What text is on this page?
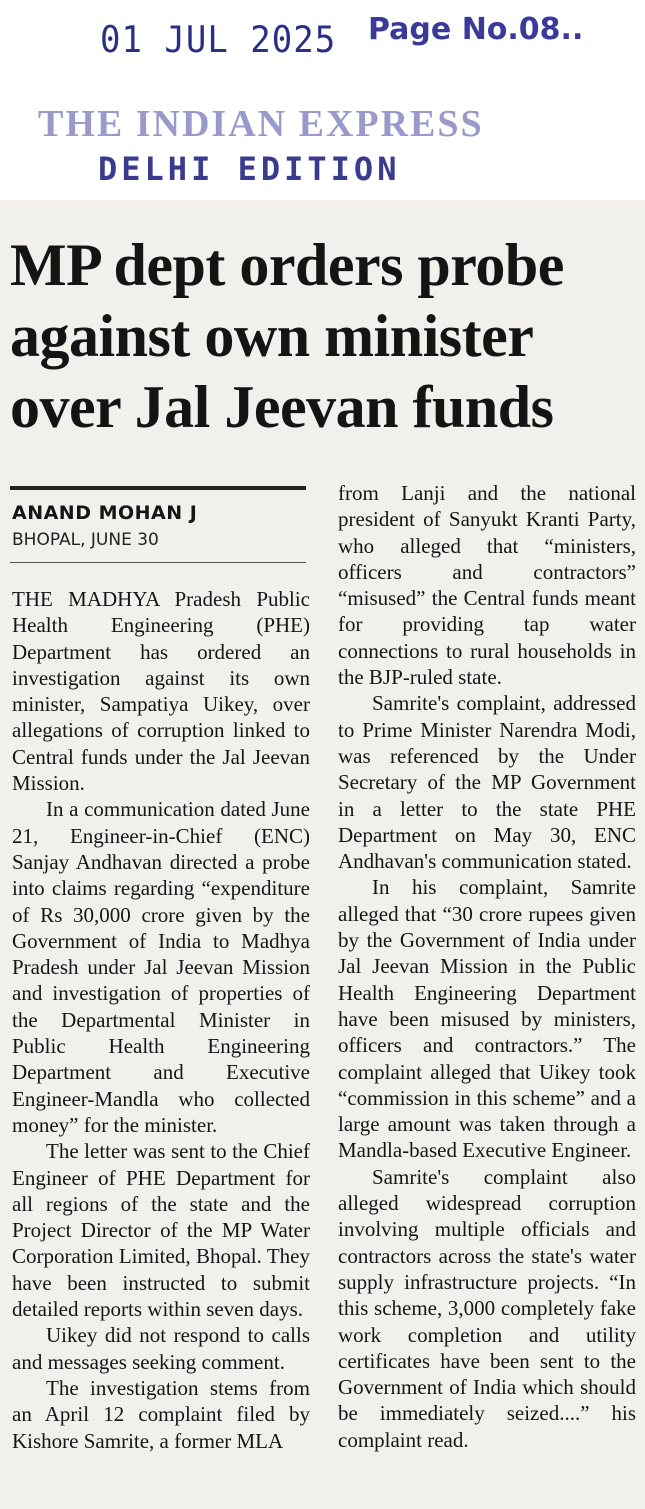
01 JUL 2025 Page No.08..
THE INDIAN EXPRESS
DELHI EDITION
MP dept orders probe against own minister over Jal Jeevan funds
ANAND MOHAN J
BHOPAL, JUNE 30

THE MADHYA Pradesh Public Health Engineering (PHE) Department has ordered an investigation against its own minister, Sampatiya Uikey, over allegations of corruption linked to Central funds under the Jal Jeevan Mission.

In a communication dated June 21, Engineer-in-Chief (ENC) Sanjay Andhavan directed a probe into claims regarding “expenditure of Rs 30,000 crore given by the Government of India to Madhya Pradesh under Jal Jeevan Mission and investigation of properties of the Departmental Minister in Public Health Engineering Department and Executive Engineer-Mandla who collected money” for the minister.

The letter was sent to the Chief Engineer of PHE Department for all regions of the state and the Project Director of the MP Water Corporation Limited, Bhopal. They have been instructed to submit detailed reports within seven days.

Uikey did not respond to calls and messages seeking comment.

The investigation stems from an April 12 complaint filed by Kishore Samrite, a former MLA

from Lanji and the national president of Sanyukt Kranti Party, who alleged that “ministers, officers and contractors” “misused” the Central funds meant for providing tap water connections to rural households in the BJP-ruled state.

Samrite's complaint, addressed to Prime Minister Narendra Modi, was referenced by the Under Secretary of the MP Government in a letter to the state PHE Department on May 30, ENC Andhavan's communication stated.

In his complaint, Samrite alleged that “30 crore rupees given by the Government of India under Jal Jeevan Mission in the Public Health Engineering Department have been misused by ministers, officers and contractors.” The complaint alleged that Uikey took “commission in this scheme” and a large amount was taken through a Mandla-based Executive Engineer.

Samrite's complaint also alleged widespread corruption involving multiple officials and contractors across the state's water supply infrastructure projects. “In this scheme, 3,000 completely fake work completion and utility certificates have been sent to the Government of India which should be immediately seized....” his complaint read.
